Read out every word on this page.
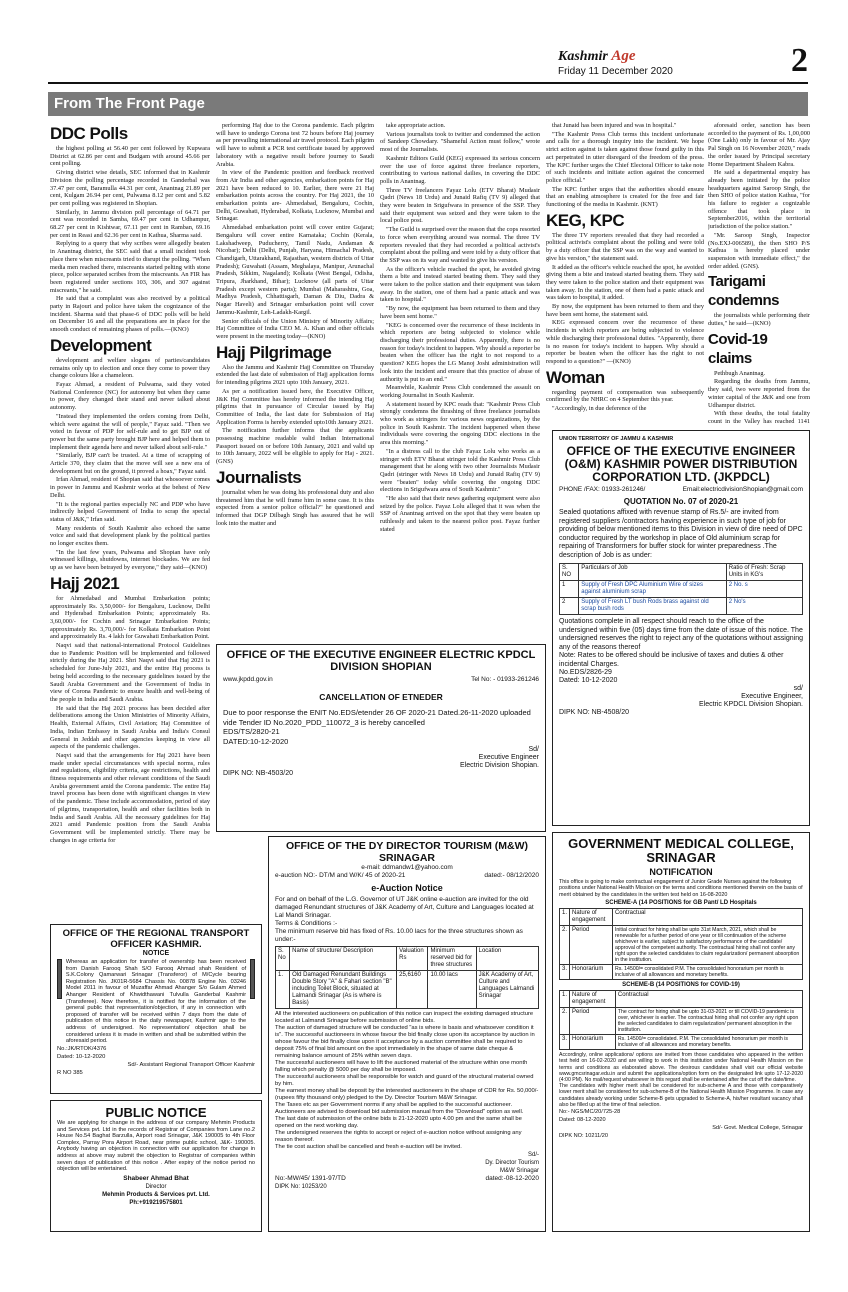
Kashmir Age
Friday 11 December 2020	2
From The Front Page
DDC Polls

the highest polling at 56.40 per cent followed by Kupwara District at 62.86 per cent and Budgam with around 45.66 per cent polling.

Giving district wise details, SEC informed that in Kashmir Division the polling percentage recorded in Ganderbal was 37.47 per cent, Baramulla 44.31 per cent, Anantnag 21.89 per cent, Kulgam 26.94 per cent, Pulwama 8.12 per cent and 5.82 per cent polling was registered in Shopian.

Similarly, in Jammu division poll percentage of 64.71 per cent was recorded in Samba, 69.47 per cent in Udhampur, 68.27 per cent in Kishtwar, 67.11 per cent in Ramban, 69.16 per cent in Reasi and 62.36 per cent in Kathua, Sharma said.

Replying to a query that why scribes were allegedly beaten in Anantnag district, the SEC said that a small incident took place there when miscreants tried to disrupt the polling. "When media men reached there, miscreants started pelting with stone piece, police separated scribes from the miscreants. An FIR has been registered under sections 103, 306, and 307 against miscreants," he said.

He said that a complaint was also received by a political party in Rajouri and police have taken the cognizance of the incident. Sharma said that phase-6 of DDC polls will be held on December 16 and all the preparations are in place for the smooth conduct of remaining phases of polls.—(KNO)

Development

development and welfare slogans of parties/candidates remains only up to election and once they come to power they change colours like a chameleon.

Fayaz Ahmad, a resident of Pulwama, said they voted National Conference (NC) for autonomy but when they came to power, they changed their stand and never talked about autonomy.

"Instead they implemented the orders coming from Delhi, which were against the will of people," Fayaz said. "Then we voted in favour of PDP for self-rule and to get BJP out of power but the same party brought BJP here and helped them to implement their agenda here and never talked about self-rule."

"Similarly, BJP can't be trusted. At a time of scrapping of Article 370, they claim that the move will see a new era of development but on the ground, it proved a hoax," Fayaz said.

Irfan Ahmad, resident of Shopian said that whosoever comes in power in Jammu and Kashmir works at the behest of New Delhi.

"It is the regional parties especially NC and PDP who have indirectly helped Government of India to scrap the special status of J&K," Irfan said.

Many residents of South Kashmir also echoed the same voice and said that development plank by the political parties no longer excites them.

"In the last few years, Pulwama and Shopian have only witnessed killings, shutdowns, internet blockades. We are fed up as we have been betrayed by everyone," they said—(KNO)

Hajj 2021

for Ahmedabad and Mumbai Embarkation points; approximately Rs. 3,50,000/- for Bengaluru, Lucknow, Delhi and Hyderabad Embarkation Points; approximately Rs. 3,60,000/- for Cochin and Srinagar Embarkation Points; approximately Rs. 3,70,000/- for Kolkata Embarkation Point and approximately Rs. 4 lakh for Guwahati Embarkation Point.

Naqvi said that national-international Protocol Guidelines due to Pandemic Position will be implemented and followed strictly during the Haj 2021. Shri Naqvi said that Haj 2021 is scheduled for June-July 2021, and the entire Haj process is being held according to the necessary guidelines issued by the Saudi Arabia Government and the Government of India in view of Corona Pandemic to ensure health and well-being of the people in India and Saudi Arabia.

He said that the Haj 2021 process has been decided after deliberations among the Union Ministries of Minority Affairs, Health, External Affairs, Civil Aviation; Haj Committee of India, Indian Embassy in Saudi Arabia and India's Consul General in Jeddah and other agencies keeping in view all aspects of the pandemic challenges.

Naqvi said that the arrangements for Haj 2021 have been made under special circumstances with special norms, rules and regulations, eligibility criteria, age restrictions, health and fitness requirements and other relevant conditions of the Saudi Arabia government amid the Corona pandemic. The entire Haj travel process has been done with significant changes in view of the pandemic. These include accommodation, period of stay of pilgrims, transportation, health and other facilities both in India and Saudi Arabia. All the necessary guidelines for Haj 2021 amid Pandemic position from the Saudi Arabia Government will be implemented strictly. There may be changes in age criteria for

performing Haj due to the Corona pandemic. Each pilgrim will have to undergo Corona test 72 hours before Haj journey as per prevailing international air travel protocol. Each pilgrim will have to submit a PCR test certificate issued by approved laboratory with a negative result before journey to Saudi Arabia.

In view of the Pandemic position and feedback received from Air India and other agencies, embarkation points for Haj 2021 have been reduced to 10. Earlier, there were 21 Haj embarkation points across the country. For Haj 2021, the 10 embarkation points are- Ahmedabad, Bengaluru, Cochin, Delhi, Guwahati, Hyderabad, Kolkata, Lucknow, Mumbai and Srinagar.

Ahmedabad embarkation point will cover entire Gujarat; Bengaluru will cover entire Karnataka; Cochin (Kerala, Lakshadweep, Puducherry, Tamil Nadu, Andaman & Nicobar); Delhi (Delhi, Punjab, Haryana, Himachal Pradesh, Chandigarh, Uttarakhand, Rajasthan, western districts of Uttar Pradesh); Guwahati (Assam, Meghalaya, Manipur, Arunachal Pradesh, Sikkim, Nagaland); Kolkata (West Bengal, Odisha, Tripura, Jharkhand, Bihar); Lucknow (all parts of Uttar Pradesh except western parts); Mumbai (Maharashtra, Goa, Madhya Pradesh, Chhattisgarh, Daman & Diu, Dadra & Nagar Haveli) and Srinagar embarkation point will cover Jammu-Kashmir, Leh-Ladakh-Kargil.

Senior officials of the Union Ministry of Minority Affairs; Haj Committee of India CEO M. A. Khan and other officials were present in the meeting today—(KNO)

Hajj Pilgrimage

Also the Jammu and Kashmir Hajj Committee on Thursday extended the last date of submission of Hajj application forms for intending pilgrims 2021 upto 10th January, 2021.

As per a notification issued here, the Executive Officer, J&K Haj Committee has hereby informed the intending Haj pilgrims that in pursuance of Circular issued by Haj Committee of India, the last date for Submission of Haj Application Forms is hereby extended upto10th January 2021.

The notification further informs that the applicants possessing machine readable valid Indian International Passport issued on or before 10th January, 2021 and valid up to 10th January, 2022 will be eligible to apply for Haj - 2021. (GNS)

Journalists

journalist when he was doing his professional duty and also threatened him that he will frame him in some case. It is this expected from a senior police official?" he questioned and informed that DGP Dilbagh Singh has assured that he will look into the matter and

take appropriate action.

Various journalists took to twitter and condemned the action of Sandeep Chowdary. "Shameful Action must follow," wrote most of the Journalists.

Kashmir Editors Guild (KEG) expressed its serious concern over the use of force against three freelance reporters, contributing to various national dailies, in covering the DDC polls in Anantnag.

Three TV freelancers Fayaz Lolu (ETV Bharat) Mudasir Qadri (News 18 Urdu) and Junaid Rafiq (TV 9) alleged that they were beaten in Srigufwara in presence of the SSP. They said their equipment was seized and they were taken to the local police post.

"The Guild is surprised over the reason that the cops resorted to force when everything around was normal. The three TV reporters revealed that they had recorded a political activist's complaint about the polling and were told by a duty officer that the SSP was on its way and wanted to give his version.

As the officer's vehicle reached the spot, he avoided giving them a bite and instead started beating them. They said they were taken to the police station and their equipment was taken away. In the station, one of them had a panic attack and was taken to hospital."

"By now, the equipment has been returned to them and they have been sent home."

"KEG is concerned over the recurrence of these incidents in which reporters are being subjected to violence while discharging their professional duties. Apparently, there is no reason for today's incident to happen. Why should a reporter be beaten when the officer has the right to not respond to a question? KEG hopes the LG Manoj Joshi administration will look into the incident and ensure that this practice of abuse of authority is put to an end."

Meanwhile, Kashmir Press Club condemned the assault on working Journalist in South Kashmir.

A statement issued by KPC reads that: "Kashmir Press Club strongly condemns the thrashing of three freelance journalists who work as stringers for various news organizations, by the police in South Kashmir. The incident happened when these individuals were covering the ongoing DDC elections in the area this morning."

"In a distress call to the club Fayaz Lolu who works as a stringer with ETV Bharat stringer told the Kashmir Press Club management that he along with two other Journalists Mudasir Qadri (stringer with News 18 Urdu) and Junaid Rafiq (TV 9) were "beaten" today while covering the ongoing DDC elections in Srigufwara area of South Kashmir."

"He also said that their news gathering equipment were also seized by the police. Fayaz Lolu alleged that it was when the SSP of Anantnag arrived on the spot that they were beaten up ruthlessly and taken to the nearest police post. Fayaz further stated

that Junaid has been injured and was in hospital."

"The Kashmir Press Club terms this incident unfortunate and calls for a thorough inquiry into the incident. We hope strict action against is taken against those found guilty in this act perpetrated in utter disregard of the freedom of the press. The KPC further urges the Chief Electoral Officer to take note of such incidents and initiate action against the concerned police official."

The KPC further urges that the authorities should ensure that an enabling atmosphere is created for the free and fair functioning of the media in Kashmir. (KNT)

KEG, KPC

The three TV reporters revealed that they had recorded a political activist's complaint about the polling and were told by a duty officer that the SSP was on the way and wanted to give his version," the statement said.

It added as the officer's vehicle reached the spot, he avoided giving them a bite and instead started beating them. They said they were taken to the police station and their equipment was taken away. In the station, one of them had a panic attack and was taken to hospital, it added.

By now, the equipment has been returned to them and they have been sent home, the statement said.

KEG expressed concern over the recurrence of these incidents in which reporters are being subjected to violence while discharging their professional duties. "Apparently, there is no reason for today's incident to happen. Why should a reporter be beaten when the officer has the right to not respond to a question?" —(KNO)

Woman

regarding payment of compensation was subsequently confirmed by the NHRC on 4 September this year.

"Accordingly, in due deference of the

aforesaid order, sanction has been accorded to the payment of Rs. 1,00,000 (One Lakh) only in favour of Mr. Ajay Pal Singh on 16 November 2020," reads the order issued by Principal secretary Home Department Shaleen Kabra.

He said a departmental enquiry has already been initiated by the police headquarters against Saroop Singh, the then SHO of police station Kathua, "for his failure to register a cognizable offence that took place in September2016, within the territorial jurisdiction of the police station."

"Mr. Saroop Singh, Inspector (No.EXJ-006589), the then SHO P/S Kathua is hereby placed under suspension with immediate effect," the order added. (GNS).

Tarigami condemns

the journalists while performing their duties," he said—(KNO)

Covid-19 claims

Pethbugh Anantnag.

Regarding the deaths from Jammu, they said, two were reported from the winter capital of the J&K and one from Udhampur district.

With these deaths, the total fatality count in the Valley has reached 1141

UNION TERRITORY OF JAMMU & KASHMIR
OFFICE OF THE EXECUTIVE ENGINEER (O&M) KASHMIR POWER DISTRIBUTION CORPORATION LTD. (JKPDCL)
PHONE /FAX: 01933-261246/	Email:electricdivisionShopian@gmail.com
QUOTATION No. 07 of 2020-21

Sealed quotations affixed with revenue stamp of Rs.5/- are invited from registered suppliers /contractors having experience in such type of job for providing of below mentioned items to this Division in view of dire need of DPC conductor required by the workshop in place of Old aluminium scrap for repairing of Transformers for buffer stock for winter preparedness .The description of Job is as under:

S. NO	Particulars of Job	Ratio of Fresh: Scrap Units in KG's
1	Supply of Fresh DPC Aluminium Wire of sizes against aluminium scrap	2 No. s
2	Supply of Fresh LT bush Rods brass against old scrap bush rods	2 No's

Quotations complete in all respect should reach to the office of the undersigned within five (05) days time from the date of issue of this notice. The undersigned reserves the right to reject any of the quotations without assigning any of the reasons thereof

Note: Rates to be offered should be inclusive of taxes and duties & other incidental Charges.

No.EDS/2826-29

Dated: 10-12-2020

sd/

Executive Engineer,

Electric KPDCL Division Shopian.

DIPK NO: NB-4508/20

OFFICE OF THE EXECUTIVE ENGINEER ELECTRIC KPDCL DIVISION SHOPIAN
www.jkpdd.gov.in	Tel No: - 01933-261246
CANCELLATION OF ETNEDER

Due to poor response the ENIT No.EDS/etender 26 OF 2020-21 Dated.26-11-2020 uploaded vide Tender ID No.2020_PDD_110072_3 is hereby cancelled

EDS/TS/2820-21

DATED:10-12-2020

Sd/

Executive Engineer

Electric Division Shopian.

DIPK NO: NB-4503/20

OFFICE OF THE DY DIRECTOR TOURISM (M&W) SRINAGAR
e-mail: ddmandw1@yahoo.com
e-auction NO:- DT/M and W/K/ 45 of 2020-21	dated:- 08/12/2020
e-Auction Notice

For and on behalf of the L.G. Governor of UT J&K online e-auction are invited for the old damaged Renundant structures of J&K Academy of Art, Culture and Languages located at Lal Mandi Srinagar.

Terms & Conditions :-

The minimum reserve bid has fixed of Rs. 10.00 lacs for the three structures shown as under:-

S. No	Name of structure/ Description	Valuation Rs	Minimum reserved bid for three structures	Location
1.	Old Damaged Renundant Buildings Double Story "A" & Fahari section "B" including Toilet Block, situated at Lalmandi Srinagar (As is where is Basis)	25,6160	10.00 lacs	J&K Academy of Art, Culture and Languages Lalmandi Srinagar

All the interested auctioneers on publication of this notice can inspect the existing damaged structure located at Lalmandi Srinagar before submission of online bids.

The auction of damaged structure will be conducted "as is where is basis and whatsoever condition it is". The successful auctioneers in whose favour the bid finally close upon its acceptance by auction in whose favour the bid finally close upon it acceptance by a auction committee shall be required to deposit 75% of final bid amount on the spot immediately in the shape of same date cheque & remaining balance amount of 25% within seven days.

The successful auctioneers will have to lift the auctioned material of the structure within one month falling which penalty @ 5000 per day shall be imposed.

The successful auctioneers shall be responsible for watch and guard of the structural material owned by him.

The earnest money shall be deposit by the interested auctioneers in the shape of CDR for Rs. 50,000/- (rupees fifty thousand only) pledged to the Dy. Director Tourism M&W Srinagar.

The Taxes etc as per Government norms if any shall be applied to the successful auctioneer. Auctioneers are advised to download bid submission manual from the "Download" option as well.

The last date of submission of the online bids is 21-12-2020 upto 4.00 pm and the same shall be opened on the next working day.

The undersigned reserves the rights to accept or reject of e-auction notice without assigning any reason thereof.

The tie cost auction shall be cancelled and fresh e-auction will be invited.

Sd/-

Dy. Director Tourism

M&W Srinagar

No:-MW/45/ 1391-97/TD	dated:-08-12-2020

DIPK No: 10253/20

OFFICE OF THE REGIONAL TRANSPORT OFFICER KASHMIR.
NOTICE

Whereas an application for transfer of ownership has been received from Danish Farooq Shah S/O Farooq Ahmad shah Resident of S.K.Colony Qamarwari Srinagar (Transferor) of M/Cycle bearing Registration No. JK01R-5684 Chassis No. 00878 Engine No. 03246 Model 2011 in favour of Muzaffar Ahmad Ahanger S/o Gulam Ahmed Ahanger Resident of Khwidthawani Tulvulla Ganderbal Kashmir (Transferee). Now therefore, it is notified for the information of the general public that representation/objection, if any in connection with proposed of transfer will be received within 7 days from the date of publication of this notice in the daily newspaper, Kashmir age to the address of undersigned. No representation/ objection shall be considered unless it is made in written and shall be submitted within the aforesaid period.

No.:JK/RTOK/4376

Dated: 10-12-2020

Sd/- Assistant Regional Transport Officer Kashmir

R NO 385

PUBLIC NOTICE

We are applying for change in the address of our company Mehmin Products and Services pvt. Ltd in the records of Registrar of Companies from Lane no.2 House No.54 Baghat Barzulla, Airport road Srinagar, J&K 190005 to 4th Floor Complex, Parray Pora Airport Road, near prime public school, J&K- 190005. Anybody having an objection in connection with our application for change in address at above may submit the objection to Registrar of companies within seven days of publication of this notice . After expiry of the notice period no objection will be entertained.

Shabeer Ahmad Bhat

Director

Mehmin Products & Services pvt. Ltd.

Ph:+919219575801

GOVERNMENT MEDICAL COLLEGE, SRINAGAR
NOTIFICATION

This office is going to make contractual engagement of Junior Grade Nurses against the following positions under National Health Mission on the terms and conditions mentioned therein on the basis of merit obtained by the candidates in the written test held on 16-08-2020

SCHEME-A (14 POSITIONS for GB Pant/ LD Hospitals
1.	Nature of engagement	Contractual
2.	Period	Initial contract for hiring shall be upto 31st March, 2021, which shall be renewable for a further period of one year or till continuation of the scheme whichever is earlier, subject to satisfactory performance of the candidate/ approval of the competent authority. The contractual hiring shall not confer any right upon the selected candidates to claim regularization/ permanent absorption in the institution.
3.	Honorarium	Rs. 14500/= consolidated P.M. The consolidated honorarium per month is inclusive of all allowances and monetary benefits.
SCHEME-B (14 POSITIONS for COVID-19)
1.	Nature of engagement	Contractual
2.	Period	The contract for hiring shall be upto 31-03-2021 or till COVID-19 pandemic is over, whichever is earlier. The contractual hiring shall not confer any right upon the selected candidates to claim regularization/ permanent absorption in the institution.
3.	Honorarium	Rs. 14500/= consolidated. P.M. The consolidated honorarium per month is inclusive of all allowances and monetary benefits.

Accordingly, online applications/ options are invited from those candidates who appeared in the written test held on 16-02-2020 and are willing to work in this institution under National Health Mission on the terms and conditions as elaborated above. The desirous candidates shall visit our official website www.gmcsrinagar.edu.in and submit the applications/option form on the designated link upto 17-12-2020 (4:00 PM). No mail/request whatsoever in this regard shall be entertained after the cut off the date/time.

The candidates with higher merit shall be considered for sub-scheme A and those with comparatively lower merit shall be considered for sub-scheme-B of the National Health Mission Programme. In case any candidates already working under Scheme-B gets upgraded to Scheme-A, his/her resultant vacancy shall also be filled up at the time of final selection.

No:- NGS/MC/20/725-28

Dated: 08-12-2020

Sd/- Govt. Medical College, Srinagar

DIPK NO: 10211/20
